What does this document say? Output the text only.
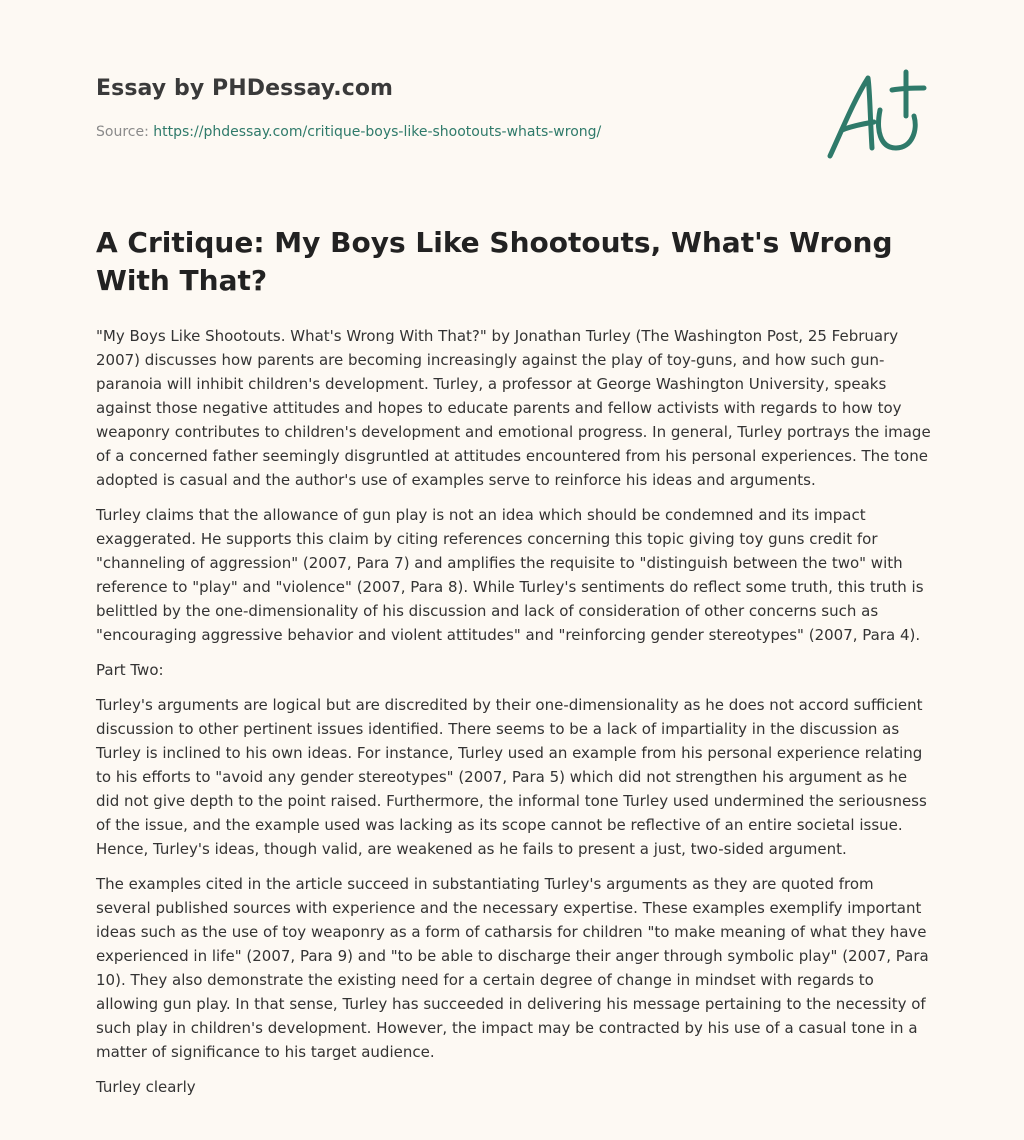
Essay by PHDessay.com
Source: https://phdessay.com/critique-boys-like-shootouts-whats-wrong/
A Critique: My Boys Like Shootouts, What's Wrong With That?

"My Boys Like Shootouts. What's Wrong With That?" by Jonathan Turley (The Washington Post, 25 February 2007) discusses how parents are becoming increasingly against the play of toy-guns, and how such gun-paranoia will inhibit children's development. Turley, a professor at George Washington University, speaks against those negative attitudes and hopes to educate parents and fellow activists with regards to how toy weaponry contributes to children's development and emotional progress. In general, Turley portrays the image of a concerned father seemingly disgruntled at attitudes encountered from his personal experiences. The tone adopted is casual and the author's use of examples serve to reinforce his ideas and arguments.

Turley claims that the allowance of gun play is not an idea which should be condemned and its impact exaggerated. He supports this claim by citing references concerning this topic giving toy guns credit for "channeling of aggression" (2007, Para 7) and amplifies the requisite to "distinguish between the two" with reference to "play" and "violence" (2007, Para 8). While Turley's sentiments do reflect some truth, this truth is belittled by the one-dimensionality of his discussion and lack of consideration of other concerns such as "encouraging aggressive behavior and violent attitudes" and "reinforcing gender stereotypes" (2007, Para 4).

Part Two:

Turley's arguments are logical but are discredited by their one-dimensionality as he does not accord sufficient discussion to other pertinent issues identified. There seems to be a lack of impartiality in the discussion as Turley is inclined to his own ideas. For instance, Turley used an example from his personal experience relating to his efforts to "avoid any gender stereotypes" (2007, Para 5) which did not strengthen his argument as he did not give depth to the point raised. Furthermore, the informal tone Turley used undermined the seriousness of the issue, and the example used was lacking as its scope cannot be reflective of an entire societal issue. Hence, Turley's ideas, though valid, are weakened as he fails to present a just, two-sided argument.

The examples cited in the article succeed in substantiating Turley's arguments as they are quoted from several published sources with experience and the necessary expertise. These examples exemplify important ideas such as the use of toy weaponry as a form of catharsis for children "to make meaning of what they have experienced in life" (2007, Para 9) and "to be able to discharge their anger through symbolic play" (2007, Para 10). They also demonstrate the existing need for a certain degree of change in mindset with regards to allowing gun play. In that sense, Turley has succeeded in delivering his message pertaining to the necessity of such play in children's development. However, the impact may be contracted by his use of a casual tone in a matter of significance to his target audience.

Turley clearly
